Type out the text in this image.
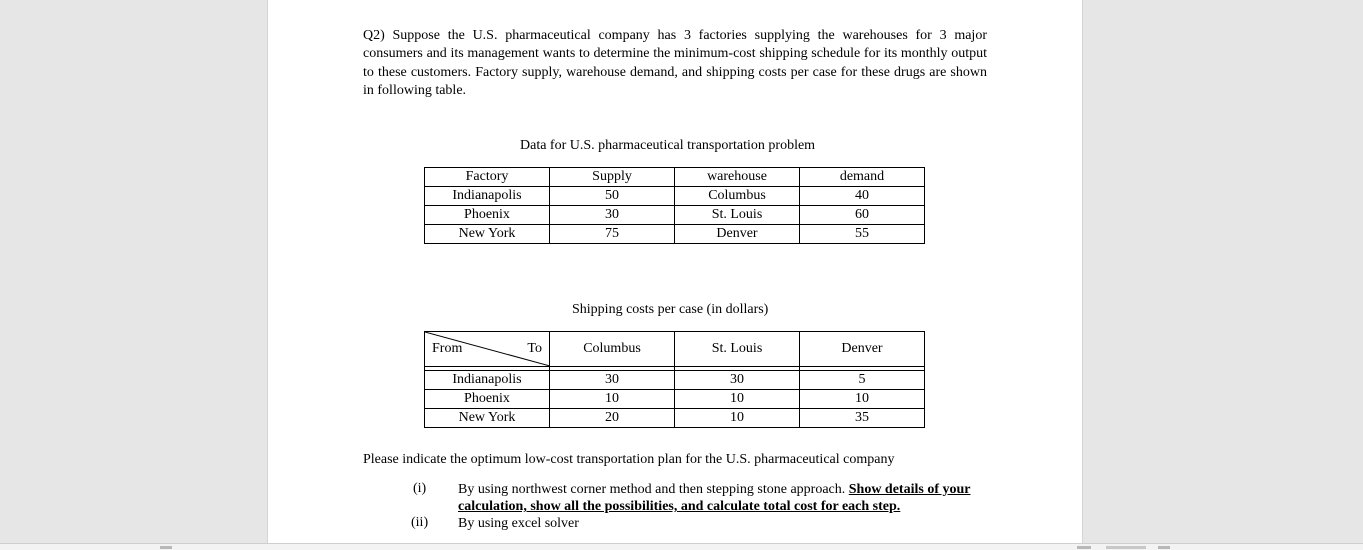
Q2) Suppose the U.S. pharmaceutical company has 3 factories supplying the warehouses for 3 major consumers and its management wants to determine the minimum-cost shipping schedule for its monthly output to these customers. Factory supply, warehouse demand, and shipping costs per case for these drugs are shown in following table.
Data for U.S. pharmaceutical transportation problem
Factory	Supply	warehouse	demand
Indianapolis	50	Columbus	40
Phoenix	30	St. Louis	60
New York	75	Denver	55
Shipping costs per case (in dollars)
From To	Columbus	St. Louis	Denver

Indianapolis	30	30	5
Phoenix	10	10	10
New York	20	10	35
Please indicate the optimum low-cost transportation plan for the U.S. pharmaceutical company
(i) By using northwest corner method and then stepping stone approach. Show details of your calculation, show all the possibilities, and calculate total cost for each step.
(ii) By using excel solver
